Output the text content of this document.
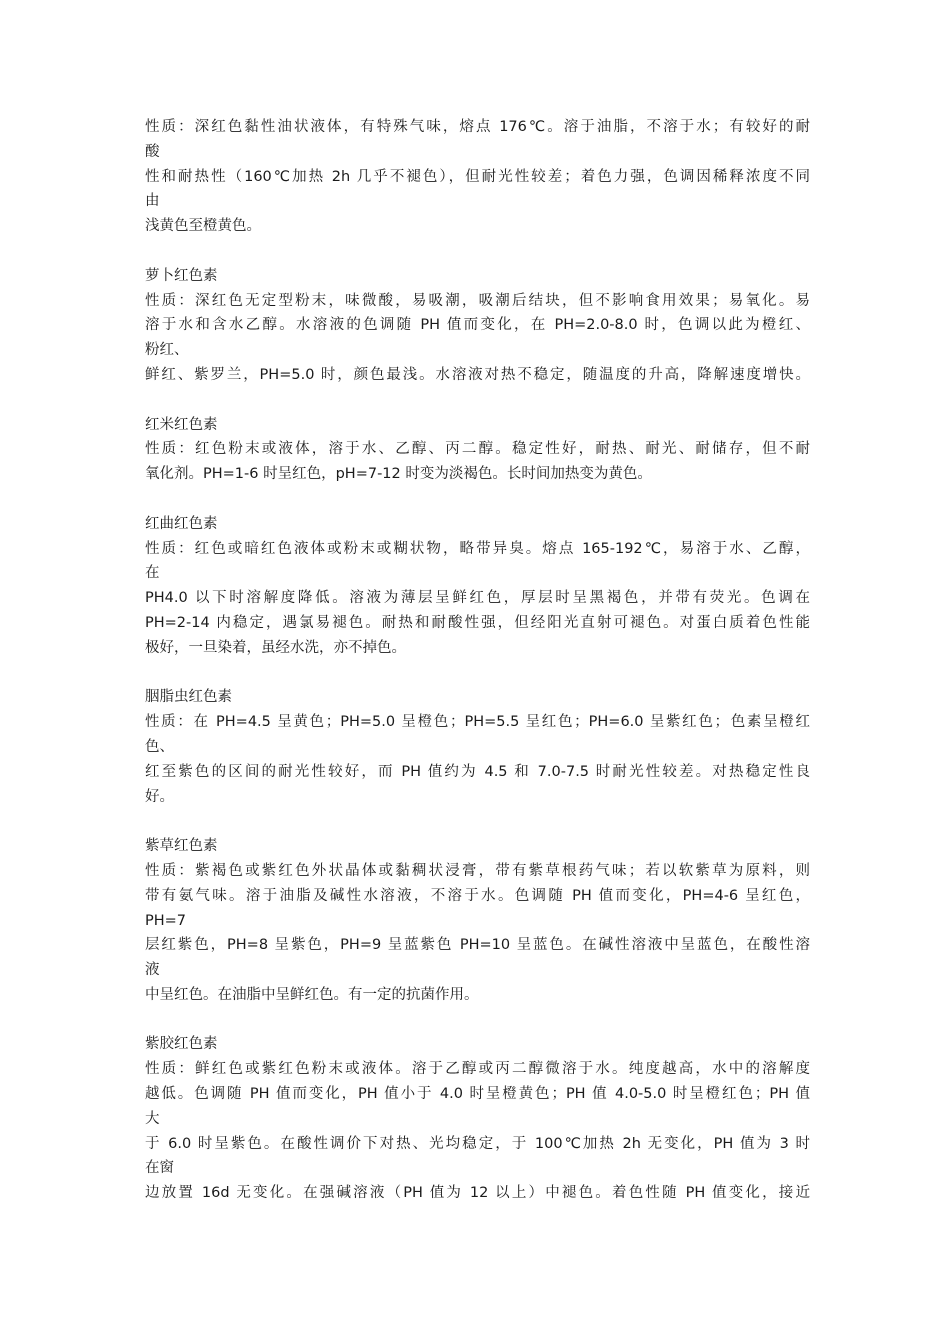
性质：深红色黏性油状液体，有特殊气味，熔点 176℃。溶于油脂，不溶于水；有较好的耐
酸
性和耐热性（160℃加热 2h 几乎不褪色），但耐光性较差；着色力强，色调因稀释浓度不同
由
浅黄色至橙黄色。
萝卜红色素
性质：深红色无定型粉末，味微酸，易吸潮，吸潮后结块，但不影响食用效果；易氧化。易
溶于水和含水乙醇。水溶液的色调随 PH 值而变化，在 PH=2.0-8.0 时，色调以此为橙红、
粉红、
鲜红、紫罗兰，PH=5.0 时，颜色最浅。水溶液对热不稳定，随温度的升高，降解速度增快。
红米红色素
性质：红色粉末或液体，溶于水、乙醇、丙二醇。稳定性好，耐热、耐光、耐储存，但不耐
氧化剂。PH=1-6 时呈红色，pH=7-12 时变为淡褐色。长时间加热变为黄色。
红曲红色素
性质：红色或暗红色液体或粉末或糊状物，略带异臭。熔点 165-192℃，易溶于水、乙醇，
在
PH4.0 以下时溶解度降低。溶液为薄层呈鲜红色，厚层时呈黑褐色，并带有荧光。色调在
PH=2-14 内稳定，遇氯易褪色。耐热和耐酸性强，但经阳光直射可褪色。对蛋白质着色性能
极好，一旦染着，虽经水洗，亦不掉色。
胭脂虫红色素
性质：在 PH=4.5 呈黄色；PH=5.0 呈橙色；PH=5.5 呈红色；PH=6.0 呈紫红色；色素呈橙红
色、
红至紫色的区间的耐光性较好，而 PH 值约为 4.5 和 7.0-7.5 时耐光性较差。对热稳定性良
好。
紫草红色素
性质：紫褐色或紫红色外状晶体或黏稠状浸膏，带有紫草根药气味；若以软紫草为原料，则
带有氨气味。溶于油脂及碱性水溶液，不溶于水。色调随 PH 值而变化，PH=4-6 呈红色，
PH=7
层红紫色，PH=8 呈紫色，PH=9 呈蓝紫色 PH=10 呈蓝色。在碱性溶液中呈蓝色，在酸性溶
液
中呈红色。在油脂中呈鲜红色。有一定的抗菌作用。
紫胶红色素
性质：鲜红色或紫红色粉末或液体。溶于乙醇或丙二醇微溶于水。纯度越高，水中的溶解度
越低。色调随 PH 值而变化，PH 值小于 4.0 时呈橙黄色；PH 值 4.0-5.0 时呈橙红色；PH 值
大
于 6.0 时呈紫色。在酸性调价下对热、光均稳定，于 100℃加热 2h 无变化，PH 值为 3 时
在窗
边放置 16d 无变化。在强碱溶液（PH 值为 12 以上）中褪色。着色性随 PH 值变化，接近
